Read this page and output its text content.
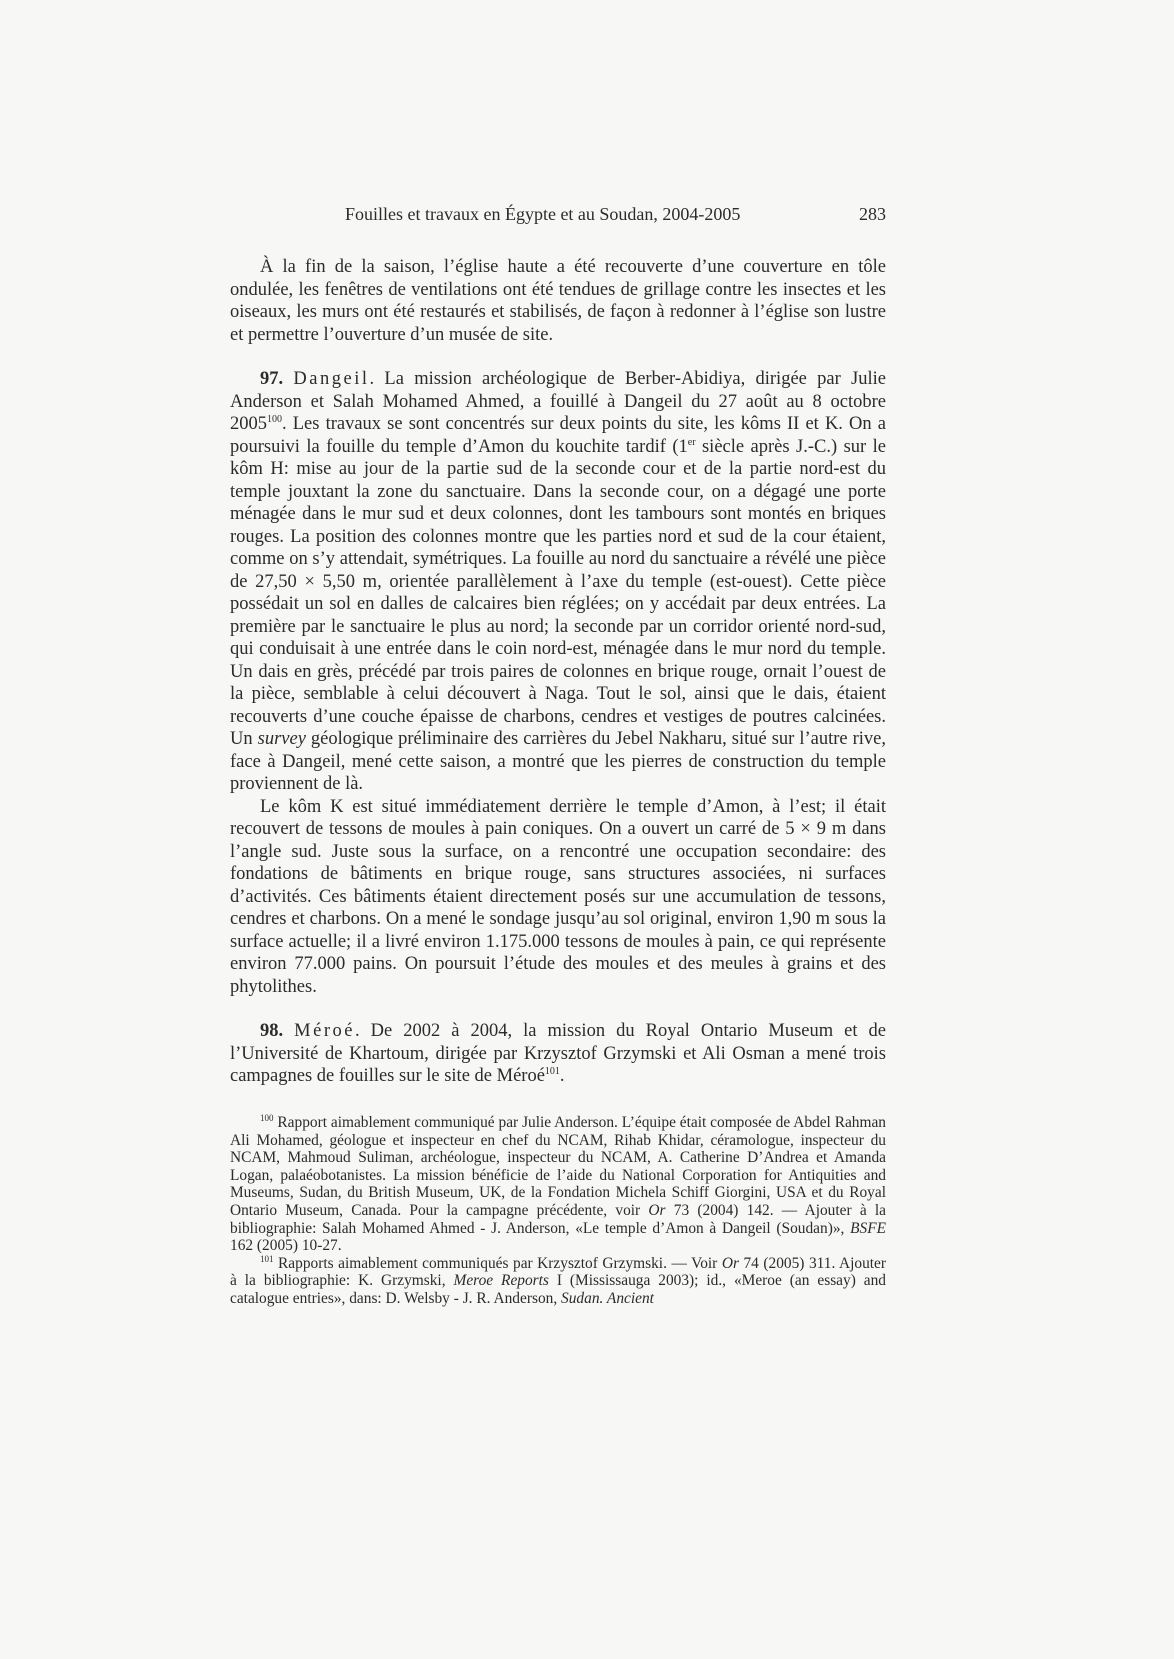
Fouilles et travaux en Égypte et au Soudan, 2004-2005	283

À la fin de la saison, l’église haute a été recouverte d’une couverture en tôle ondulée, les fenêtres de ventilations ont été tendues de grillage contre les insectes et les oiseaux, les murs ont été restaurés et stabilisés, de façon à redonner à l’église son lustre et permettre l’ouverture d’un musée de site.

97. Dangeil. La mission archéologique de Berber-Abidiya, dirigée par Julie Anderson et Salah Mohamed Ahmed, a fouillé à Dangeil du 27 août au 8 octobre 2005$^{100}$. Les travaux se sont concentrés sur deux points du site, les kôms II et K. On a poursuivi la fouille du temple d’Amon du kouchite tardif (1er siècle après J.-C.) sur le kôm H: mise au jour de la partie sud de la seconde cour et de la partie nord-est du temple jouxtant la zone du sanctuaire. Dans la seconde cour, on a dégagé une porte ménagée dans le mur sud et deux colonnes, dont les tambours sont montés en briques rouges. La position des colonnes montre que les parties nord et sud de la cour étaient, comme on s’y attendait, symétriques. La fouille au nord du sanctuaire a révélé une pièce de 27,50 × 5,50 m, orientée parallèlement à l’axe du temple (est-ouest). Cette pièce possédait un sol en dalles de calcaires bien réglées; on y accédait par deux entrées. La première par le sanctuaire le plus au nord; la seconde par un corridor orienté nord-sud, qui conduisait à une entrée dans le coin nord-est, ménagée dans le mur nord du temple. Un dais en grès, précédé par trois paires de colonnes en brique rouge, ornait l’ouest de la pièce, semblable à celui découvert à Naga. Tout le sol, ainsi que le dais, étaient recouverts d’une couche épaisse de charbons, cendres et vestiges de poutres calcinées. Un survey géologique préliminaire des carrières du Jebel Nakharu, situé sur l’autre rive, face à Dangeil, mené cette saison, a montré que les pierres de construction du temple proviennent de là.

Le kôm K est situé immédiatement derrière le temple d’Amon, à l’est; il était recouvert de tessons de moules à pain coniques. On a ouvert un carré de 5 × 9 m dans l’angle sud. Juste sous la surface, on a rencontré une occupation secondaire: des fondations de bâtiments en brique rouge, sans structures associées, ni surfaces d’activités. Ces bâtiments étaient directement posés sur une accumulation de tessons, cendres et charbons. On a mené le sondage jusqu’au sol original, environ 1,90 m sous la surface actuelle; il a livré environ 1.175.000 tessons de moules à pain, ce qui représente environ 77.000 pains. On poursuit l’étude des moules et des meules à grains et des phytolithes.

98. Méroé. De 2002 à 2004, la mission du Royal Ontario Museum et de l’Université de Khartoum, dirigée par Krzysztof Grzymski et Ali Osman a mené trois campagnes de fouilles sur le site de Méroé$^{101}$.

$^{100}$ Rapport aimablement communiqué par Julie Anderson. L’équipe était composée de Abdel Rahman Ali Mohamed, géologue et inspecteur en chef du NCAM, Rihab Khidar, céramologue, inspecteur du NCAM, Mahmoud Suliman, archéologue, inspecteur du NCAM, A. Catherine D’Andrea et Amanda Logan, palaéobotanistes. La mission bénéficie de l’aide du National Corporation for Antiquities and Museums, Sudan, du British Museum, UK, de la Fondation Michela Schiff Giorgini, USA et du Royal Ontario Museum, Canada. Pour la campagne précédente, voir Or 73 (2004) 142. — Ajouter à la bibliographie: Salah Mohamed Ahmed - J. Anderson, «Le temple d’Amon à Dangeil (Soudan)», BSFE 162 (2005) 10-27.

$^{101}$ Rapports aimablement communiqués par Krzysztof Grzymski. — Voir Or 74 (2005) 311. Ajouter à la bibliographie: K. Grzymski, Meroe Reports I (Mississauga 2003); id., «Meroe (an essay) and catalogue entries», dans: D. Welsby - J. R. Anderson, Sudan. Ancient
